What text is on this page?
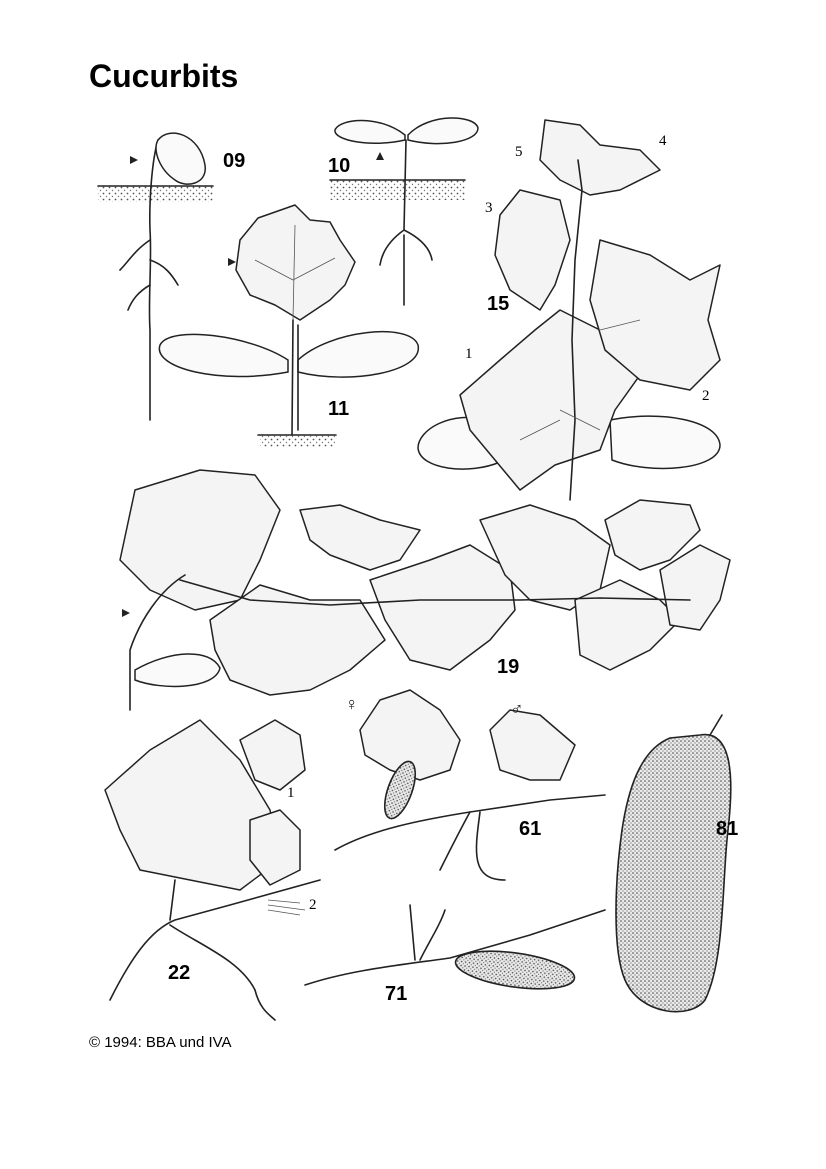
Cucurbits
♀	♂
09	10
11
15
19
22
61
71
81
1
2
3
4
5
1
2
© 1994: BBA und IVA
